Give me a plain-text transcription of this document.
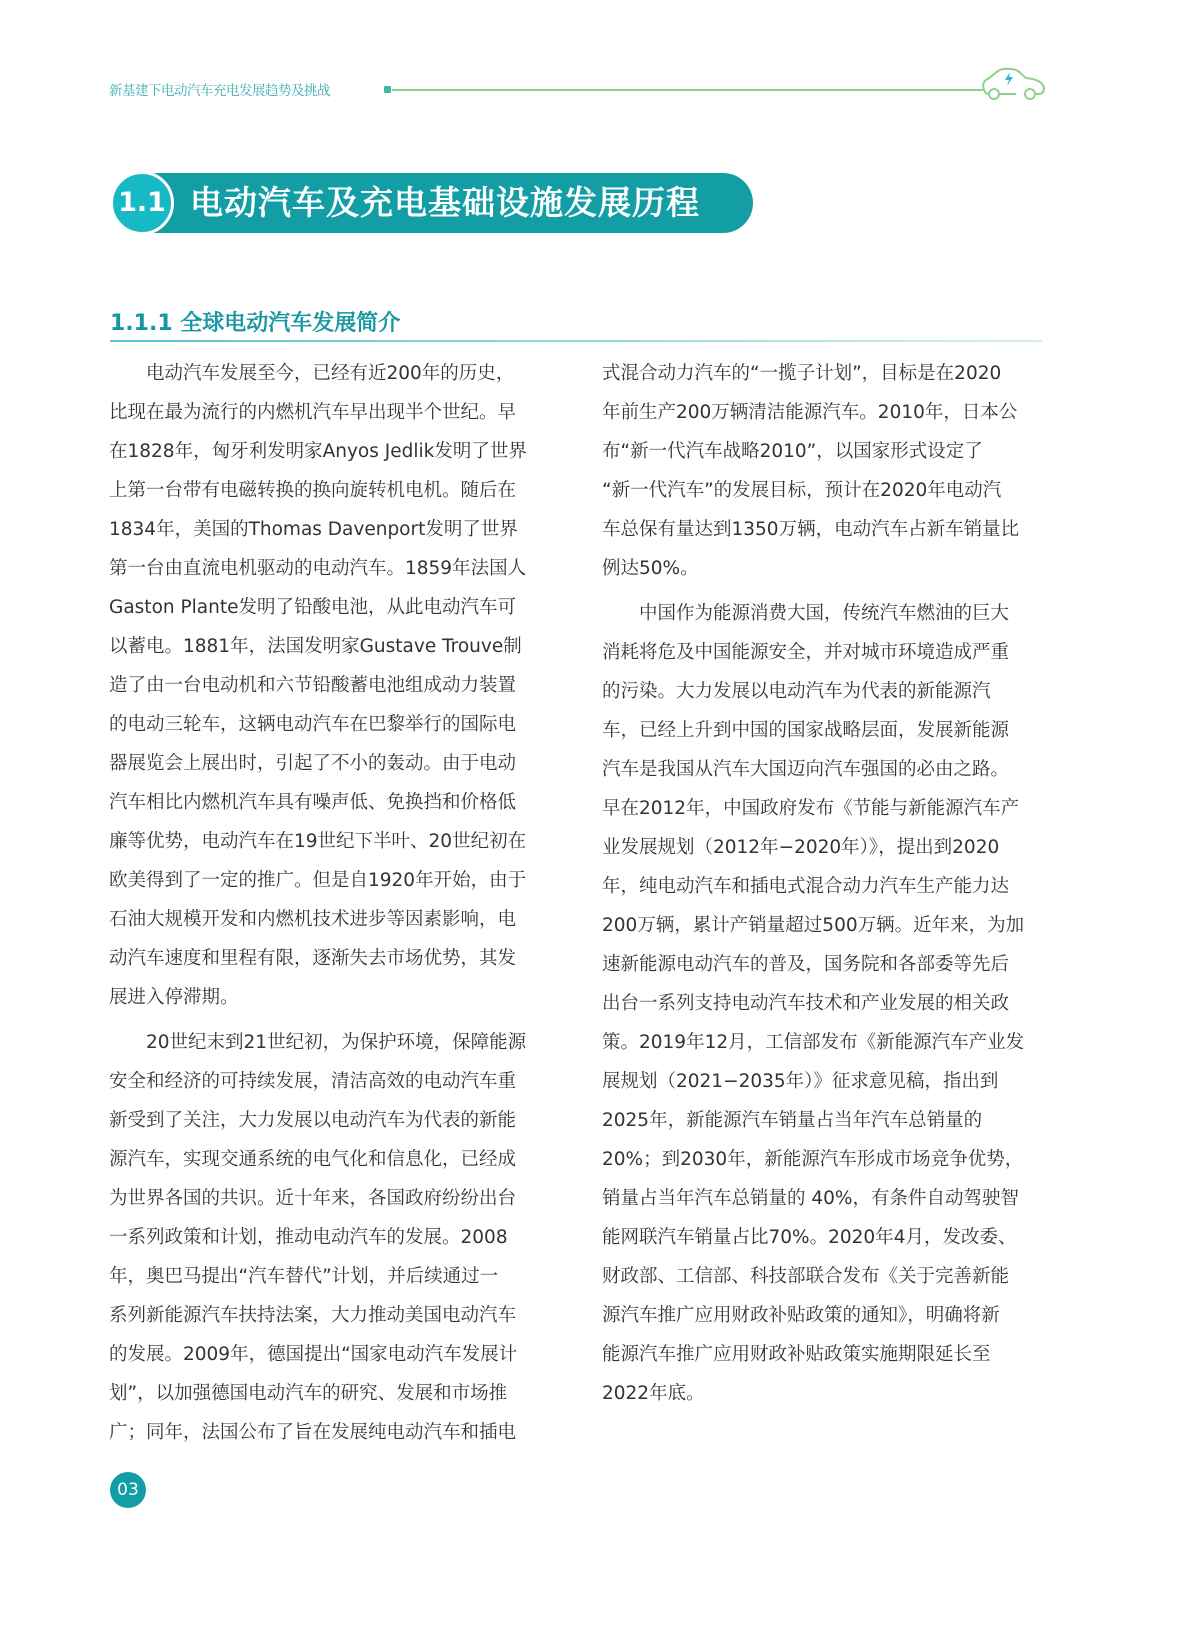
新基建下电动汽车充电发展趋势及挑战
1.1 电动汽车及充电基础设施发展历程
1.1.1 全球电动汽车发展简介
　　电动汽车发展至今，已经有近200年的历史，
比现在最为流行的内燃机汽车早出现半个世纪。早
在1828年，匈牙利发明家Anyos Jedlik发明了世界
上第一台带有电磁转换的换向旋转机电机。随后在
1834年，美国的Thomas Davenport发明了世界
第一台由直流电机驱动的电动汽车。1859年法国人
Gaston Plante发明了铅酸电池，从此电动汽车可
以蓄电。1881年，法国发明家Gustave Trouve制
造了由一台电动机和六节铅酸蓄电池组成动力装置
的电动三轮车，这辆电动汽车在巴黎举行的国际电
器展览会上展出时，引起了不小的轰动。由于电动
汽车相比内燃机汽车具有噪声低、免换挡和价格低
廉等优势，电动汽车在19世纪下半叶、20世纪初在
欧美得到了一定的推广。但是自1920年开始，由于
石油大规模开发和内燃机技术进步等因素影响，电
动汽车速度和里程有限，逐渐失去市场优势，其发
展进入停滞期。
　　20世纪末到21世纪初，为保护环境，保障能源
安全和经济的可持续发展，清洁高效的电动汽车重
新受到了关注，大力发展以电动汽车为代表的新能
源汽车，实现交通系统的电气化和信息化，已经成
为世界各国的共识。近十年来，各国政府纷纷出台
一系列政策和计划，推动电动汽车的发展。2008
年，奥巴马提出“汽车替代”计划，并后续通过一
系列新能源汽车扶持法案，大力推动美国电动汽车
的发展。2009年，德国提出“国家电动汽车发展计
划”，以加强德国电动汽车的研究、发展和市场推
广；同年，法国公布了旨在发展纯电动汽车和插电
式混合动力汽车的“一揽子计划”，目标是在2020
年前生产200万辆清洁能源汽车。2010年，日本公
布“新一代汽车战略2010”，以国家形式设定了
“新一代汽车”的发展目标，预计在2020年电动汽
车总保有量达到1350万辆，电动汽车占新车销量比
例达50%。
　　中国作为能源消费大国，传统汽车燃油的巨大
消耗将危及中国能源安全，并对城市环境造成严重
的污染。大力发展以电动汽车为代表的新能源汽
车，已经上升到中国的国家战略层面，发展新能源
汽车是我国从汽车大国迈向汽车强国的必由之路。
早在2012年，中国政府发布《节能与新能源汽车产
业发展规划（2012年−2020年）》，提出到2020
年，纯电动汽车和插电式混合动力汽车生产能力达
200万辆，累计产销量超过500万辆。近年来，为加
速新能源电动汽车的普及，国务院和各部委等先后
出台一系列支持电动汽车技术和产业发展的相关政
策。2019年12月，工信部发布《新能源汽车产业发
展规划（2021−2035年）》征求意见稿，指出到
2025年，新能源汽车销量占当年汽车总销量的
20%；到2030年，新能源汽车形成市场竞争优势，
销量占当年汽车总销量的 40%，有条件自动驾驶智
能网联汽车销量占比70%。2020年4月，发改委、
财政部、工信部、科技部联合发布《关于完善新能
源汽车推广应用财政补贴政策的通知》，明确将新
能源汽车推广应用财政补贴政策实施期限延长至
2022年底。
03
